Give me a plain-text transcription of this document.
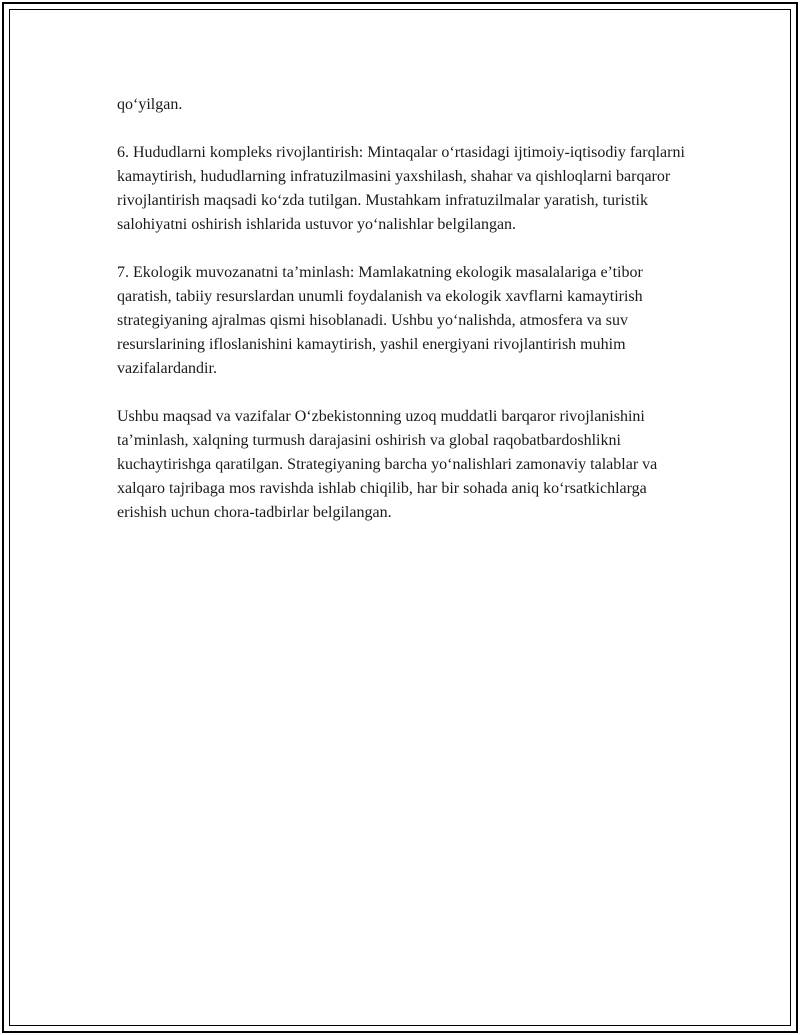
qo‘yilgan.

6. Hududlarni kompleks rivojlantirish: Mintaqalar o‘rtasidagi ijtimoiy-iqtisodiy farqlarni kamaytirish, hududlarning infratuzilmasini yaxshilash, shahar va qishloqlarni barqaror rivojlantirish maqsadi ko‘zda tutilgan. Mustahkam infratuzilmalar yaratish, turistik salohiyatni oshirish ishlarida ustuvor yo‘nalishlar belgilangan.

7. Ekologik muvozanatni ta’minlash: Mamlakatning ekologik masalalariga e’tibor qaratish, tabiiy resurslardan unumli foydalanish va ekologik xavflarni kamaytirish strategiyaning ajralmas qismi hisoblanadi. Ushbu yo‘nalishda, atmosfera va suv resurslarining ifloslanishini kamaytirish, yashil energiyani rivojlantirish muhim vazifalardandir.

Ushbu maqsad va vazifalar O‘zbekistonning uzoq muddatli barqaror rivojlanishini ta’minlash, xalqning turmush darajasini oshirish va global raqobatbardoshlikni kuchaytirishga qaratilgan. Strategiyaning barcha yo‘nalishlari zamonaviy talablar va xalqaro tajribaga mos ravishda ishlab chiqilib, har bir sohada aniq ko‘rsatkichlarga erishish uchun chora-tadbirlar belgilangan.
